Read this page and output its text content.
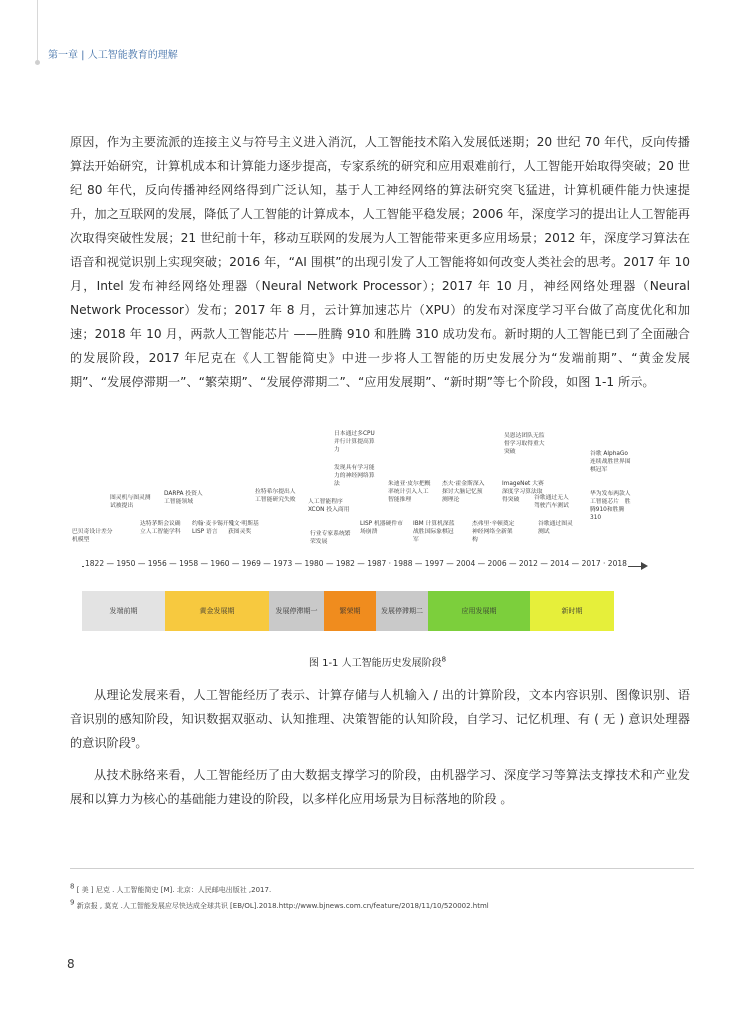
第一章 | 人工智能教育的理解

原因，作为主要流派的连接主义与符号主义进入消沉，人工智能技术陷入发展低迷期；20 世纪 70 年代，反向传播算法开始研究，计算机成本和计算能力逐步提高，专家系统的研究和应用艰难前行，人工智能开始取得突破；20 世纪 80 年代，反向传播神经网络得到广泛认知，基于人工神经网络的算法研究突飞猛进，计算机硬件能力快速提升，加之互联网的发展，降低了人工智能的计算成本，人工智能平稳发展；2006 年，深度学习的提出让人工智能再次取得突破性发展；21 世纪前十年，移动互联网的发展为人工智能带来更多应用场景；2012 年，深度学习算法在语音和视觉识别上实现突破；2016 年，“AI 围棋”的出现引发了人工智能将如何改变人类社会的思考。2017 年 10 月，Intel 发布神经网络处理器（Neural Network Processor）；2017 年 10 月，神经网络处理器（Neural Network Processor）发布；2017 年 8 月，云计算加速芯片（XPU）的发布对深度学习平台做了高度优化和加速；2018 年 10 月，两款人工智能芯片 ——胜腾 910 和胜腾 310 成功发布。新时期的人工智能已到了全面融合的发展阶段，2017 年尼克在《人工智能简史》中进一步将人工智能的历史发展分为“发端前期”、“黄金发展期”、“发展停滞期一”、“繁荣期”、“发展停滞期二”、“应用发展期”、“新时期”等七个阶段，如图 1-1 所示。

巴贝奇设计差分机模型
图灵机与图灵测试被提出
达特茅斯会议确立人工智能学科
DARPA 投资人工智能领域
约翰·麦卡锡开发 LISP 语言
马文·明斯基获图灵奖
拉特希尔提出人工智能研究失败	人工智能程序 XCON 投入商用
行业专家系统繁荣发展
日本通过多CPU并行计算提高算力
发现具有学习能力的神经网络算法
LISP 机器硬件市场崩溃
朱迪亚·皮尔把概率统计引入人工智能推理
IBM 计算机深蓝战胜国际象棋冠军
杰夫·霍金斯深入探讨大脑记忆预测理论
杰弗里·辛顿奠定神经网络全新架构
ImageNet 大赛深度学习算法取得突破
吴恩达团队无监督学习取得重大突破
谷歌通过图灵测试
谷歌 AlphaGo 连续战胜世界围棋冠军
华为发布两款人工智能芯片　胜腾910和胜腾310
谷歌通过无人驾驶汽车测试
1822 — 1950 — 1956 — 1958 — 1960 — 1969 — 1973 — 1980 — 1982 — 1987 · 1988 — 1997 — 2004 — 2006 — 2012 — 2014 — 2017 · 2018
发端前期	黄金发展期	发展停滞期一	繁荣期	发展停滞期二	应用发展期	新时期
图 1-1 人工智能历史发展阶段$^8$

从理论发展来看，人工智能经历了表示、计算存储与人机输入 / 出的计算阶段，文本内容识别、图像识别、语音识别的感知阶段，知识数据双驱动、认知推理、决策智能的认知阶段，自学习、记忆机理、有 ( 无 ) 意识处理器的意识阶段$^9$。

从技术脉络来看，人工智能经历了由大数据支撑学习的阶段，由机器学习、深度学习等算法支撑技术和产业发展和以算力为核心的基础能力建设的阶段，以多样化应用场景为目标落地的阶段 。

$^8$ [ 美 ] 尼克 . 人工智能简史 [M]. 北京：人民邮电出版社 ,2017.
$^9$ 新京报 , 莫克 .人工智能发展应尽快达成全球共识 [EB/OL].2018.http://www.bjnews.com.cn/feature/2018/11/10/520002.html
8
